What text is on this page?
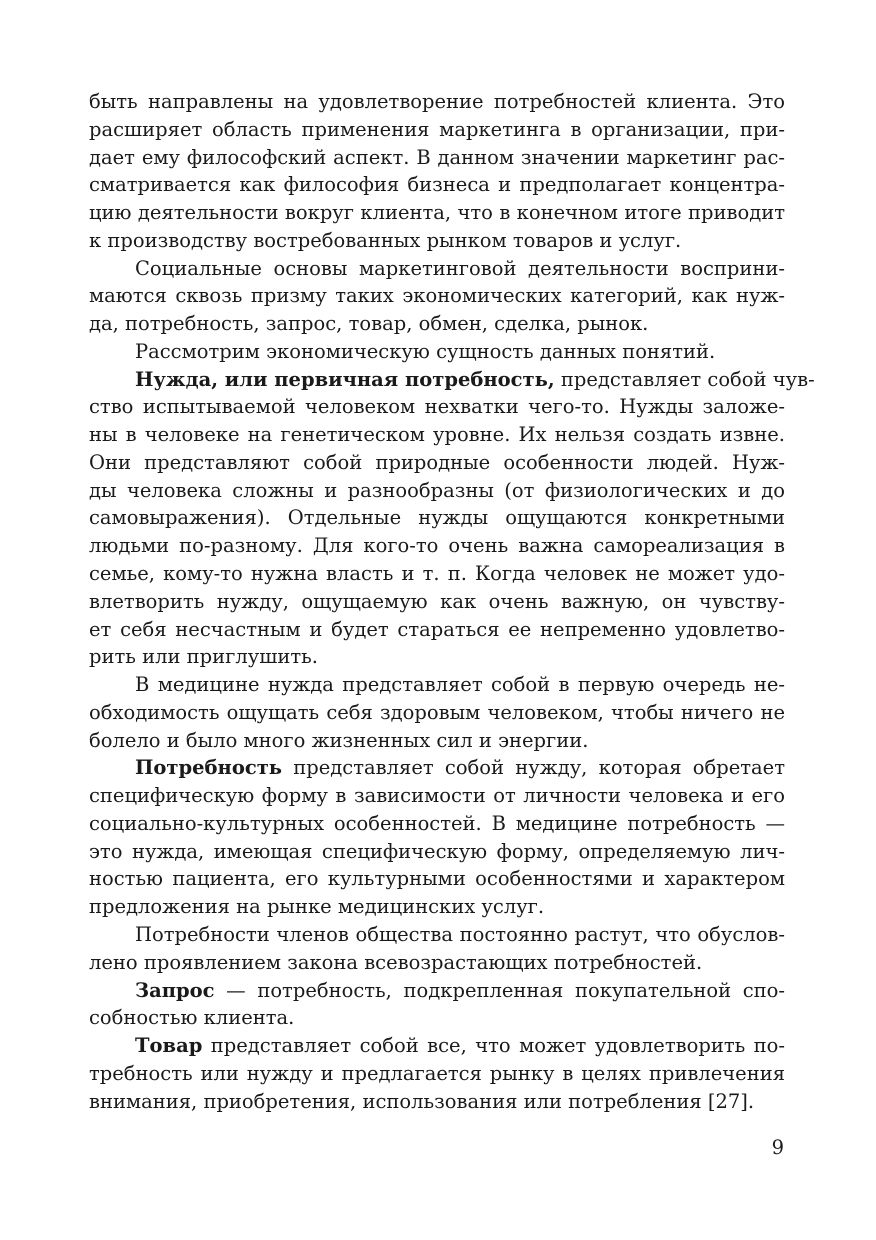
быть направлены на удовлетворение потребностей клиента. Это
расширяет область применения маркетинга в организации, при-
дает ему философский аспект. В данном значении маркетинг рас-
сматривается как философия бизнеса и предполагает концентра-
цию деятельности вокруг клиента, что в конечном итоге приводит
к производству востребованных рынком товаров и услуг.
Социальные основы маркетинговой деятельности восприни-
маются сквозь призму таких экономических категорий, как нуж-
да, потребность, запрос, товар, обмен, сделка, рынок.
Рассмотрим экономическую сущность данных понятий.
Нужда, или первичная потребность, представляет собой чув-
ство испытываемой человеком нехватки чего-то. Нужды заложе-
ны в человеке на генетическом уровне. Их нельзя создать извне.
Они представляют собой природные особенности людей. Нуж-
ды человека сложны и разнообразны (от физиологических и до
самовыражения). Отдельные нужды ощущаются конкретными
людьми по-разному. Для кого-то очень важна самореализация в
семье, кому-то нужна власть и т. п. Когда человек не может удо-
влетворить нужду, ощущаемую как очень важную, он чувству-
ет себя несчастным и будет стараться ее непременно удовлетво-
рить или приглушить.
В медицине нужда представляет собой в первую очередь не-
обходимость ощущать себя здоровым человеком, чтобы ничего не
болело и было много жизненных сил и энергии.
Потребность представляет собой нужду, которая обретает
специфическую форму в зависимости от личности человека и его
социально-культурных особенностей. В медицине потребность —
это нужда, имеющая специфическую форму, определяемую лич-
ностью пациента, его культурными особенностями и характером
предложения на рынке медицинских услуг.
Потребности членов общества постоянно растут, что обуслов-
лено проявлением закона всевозрастающих потребностей.
Запрос — потребность, подкрепленная покупательной спо-
собностью клиента.
Товар представляет собой все, что может удовлетворить по-
требность или нужду и предлагается рынку в целях привлечения
внимания, приобретения, использования или потребления [27].
9
